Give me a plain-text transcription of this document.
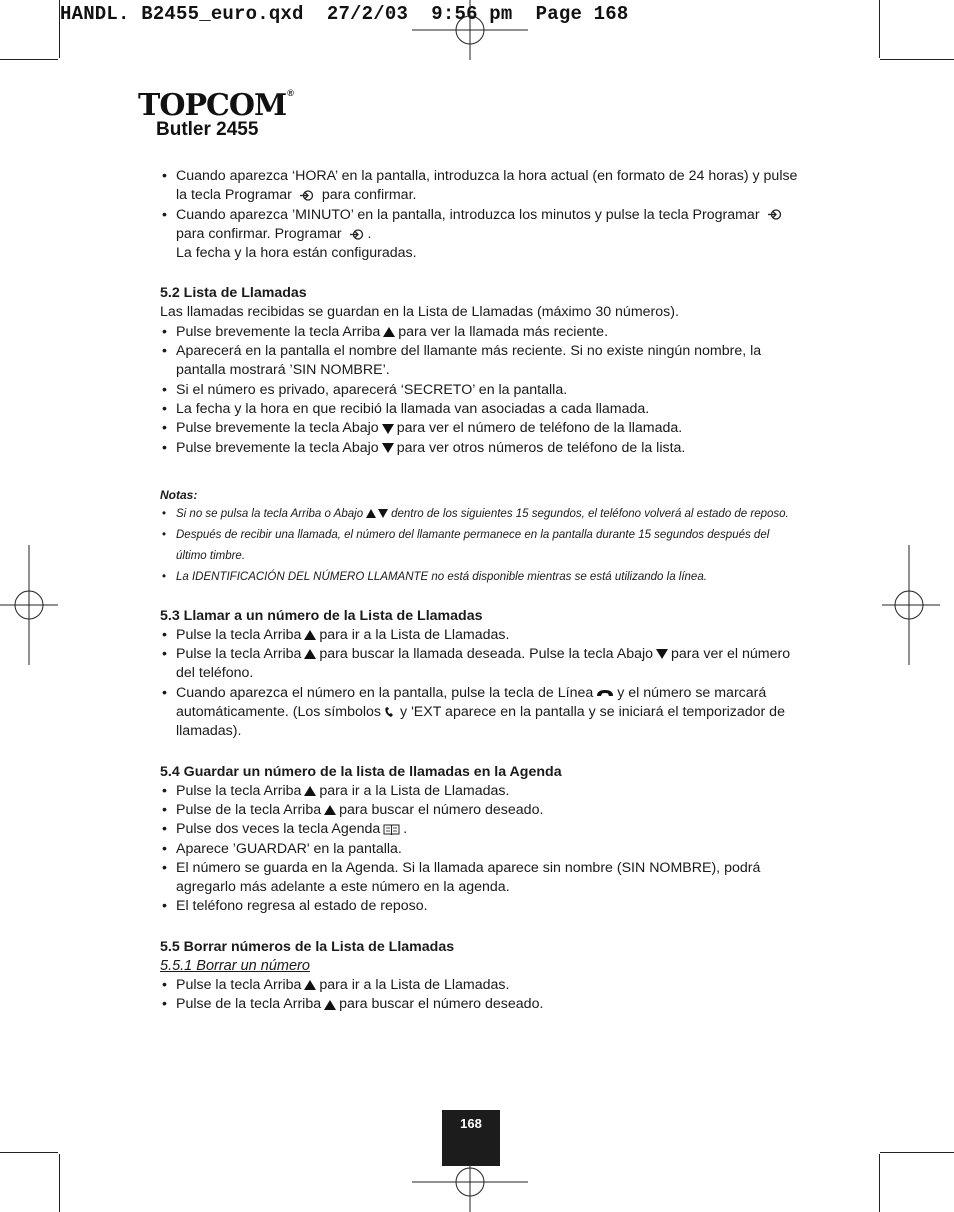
HANDL. B2455_euro.qxd  27/2/03  9:56 pm  Page 168
TOPCOM®
Butler 2455
• Cuando aparezca ‘HORA’ en la pantalla, introduzca la hora actual (en formato de 24 horas) y pulse la tecla Programar para confirmar.
• Cuando aparezca ’MINUTO’ en la pantalla, introduzca los minutos y pulse la tecla Programar
para confirmar. Programar .
La fecha y la hora están configuradas.
5.2 Lista de Llamadas

Las llamadas recibidas se guardan en la Lista de Llamadas (máximo 30 números).

• Pulse brevemente la tecla Arriba para ver la llamada más reciente.
• Aparecerá en la pantalla el nombre del llamante más reciente. Si no existe ningún nombre, la pantalla mostrará ’SIN NOMBRE’.
• Si el número es privado, aparecerá ‘SECRETO’ en la pantalla.
• La fecha y la hora en que recibió la llamada van asociadas a cada llamada.
• Pulse brevemente la tecla Abajo para ver el número de teléfono de la llamada.
• Pulse brevemente la tecla Abajo para ver otros números de teléfono de la lista.
Notas:
• Si no se pulsa la tecla Arriba o Abajo dentro de los siguientes 15 segundos, el teléfono volverá al estado de reposo.
• Después de recibir una llamada, el número del llamante permanece en la pantalla durante 15 segundos después del último timbre.
• La IDENTIFICACIÓN DEL NÚMERO LLAMANTE no está disponible mientras se está utilizando la línea.
5.3 Llamar a un número de la Lista de Llamadas
• Pulse la tecla Arriba para ir a la Lista de Llamadas.
• Pulse la tecla Arriba para buscar la llamada deseada. Pulse la tecla Abajo para ver el número del teléfono.
• Cuando aparezca el número en la pantalla, pulse la tecla de Línea y el número se marcará automáticamente. (Los símbolos y 'EXT aparece en la pantalla y se iniciará el temporizador de llamadas).
5.4 Guardar un número de la lista de llamadas en la Agenda
• Pulse la tecla Arriba para ir a la Lista de Llamadas.
• Pulse de la tecla Arriba para buscar el número deseado.
• Pulse dos veces la tecla Agenda .
• Aparece ’GUARDAR' en la pantalla.
• El número se guarda en la Agenda. Si la llamada aparece sin nombre (SIN NOMBRE), podrá agregarlo más adelante a este número en la agenda.
• El teléfono regresa al estado de reposo.
5.5 Borrar números de la Lista de Llamadas
5.5.1 Borrar un número
• Pulse la tecla Arriba para ir a la Lista de Llamadas.
• Pulse de la tecla Arriba para buscar el número deseado.
168
